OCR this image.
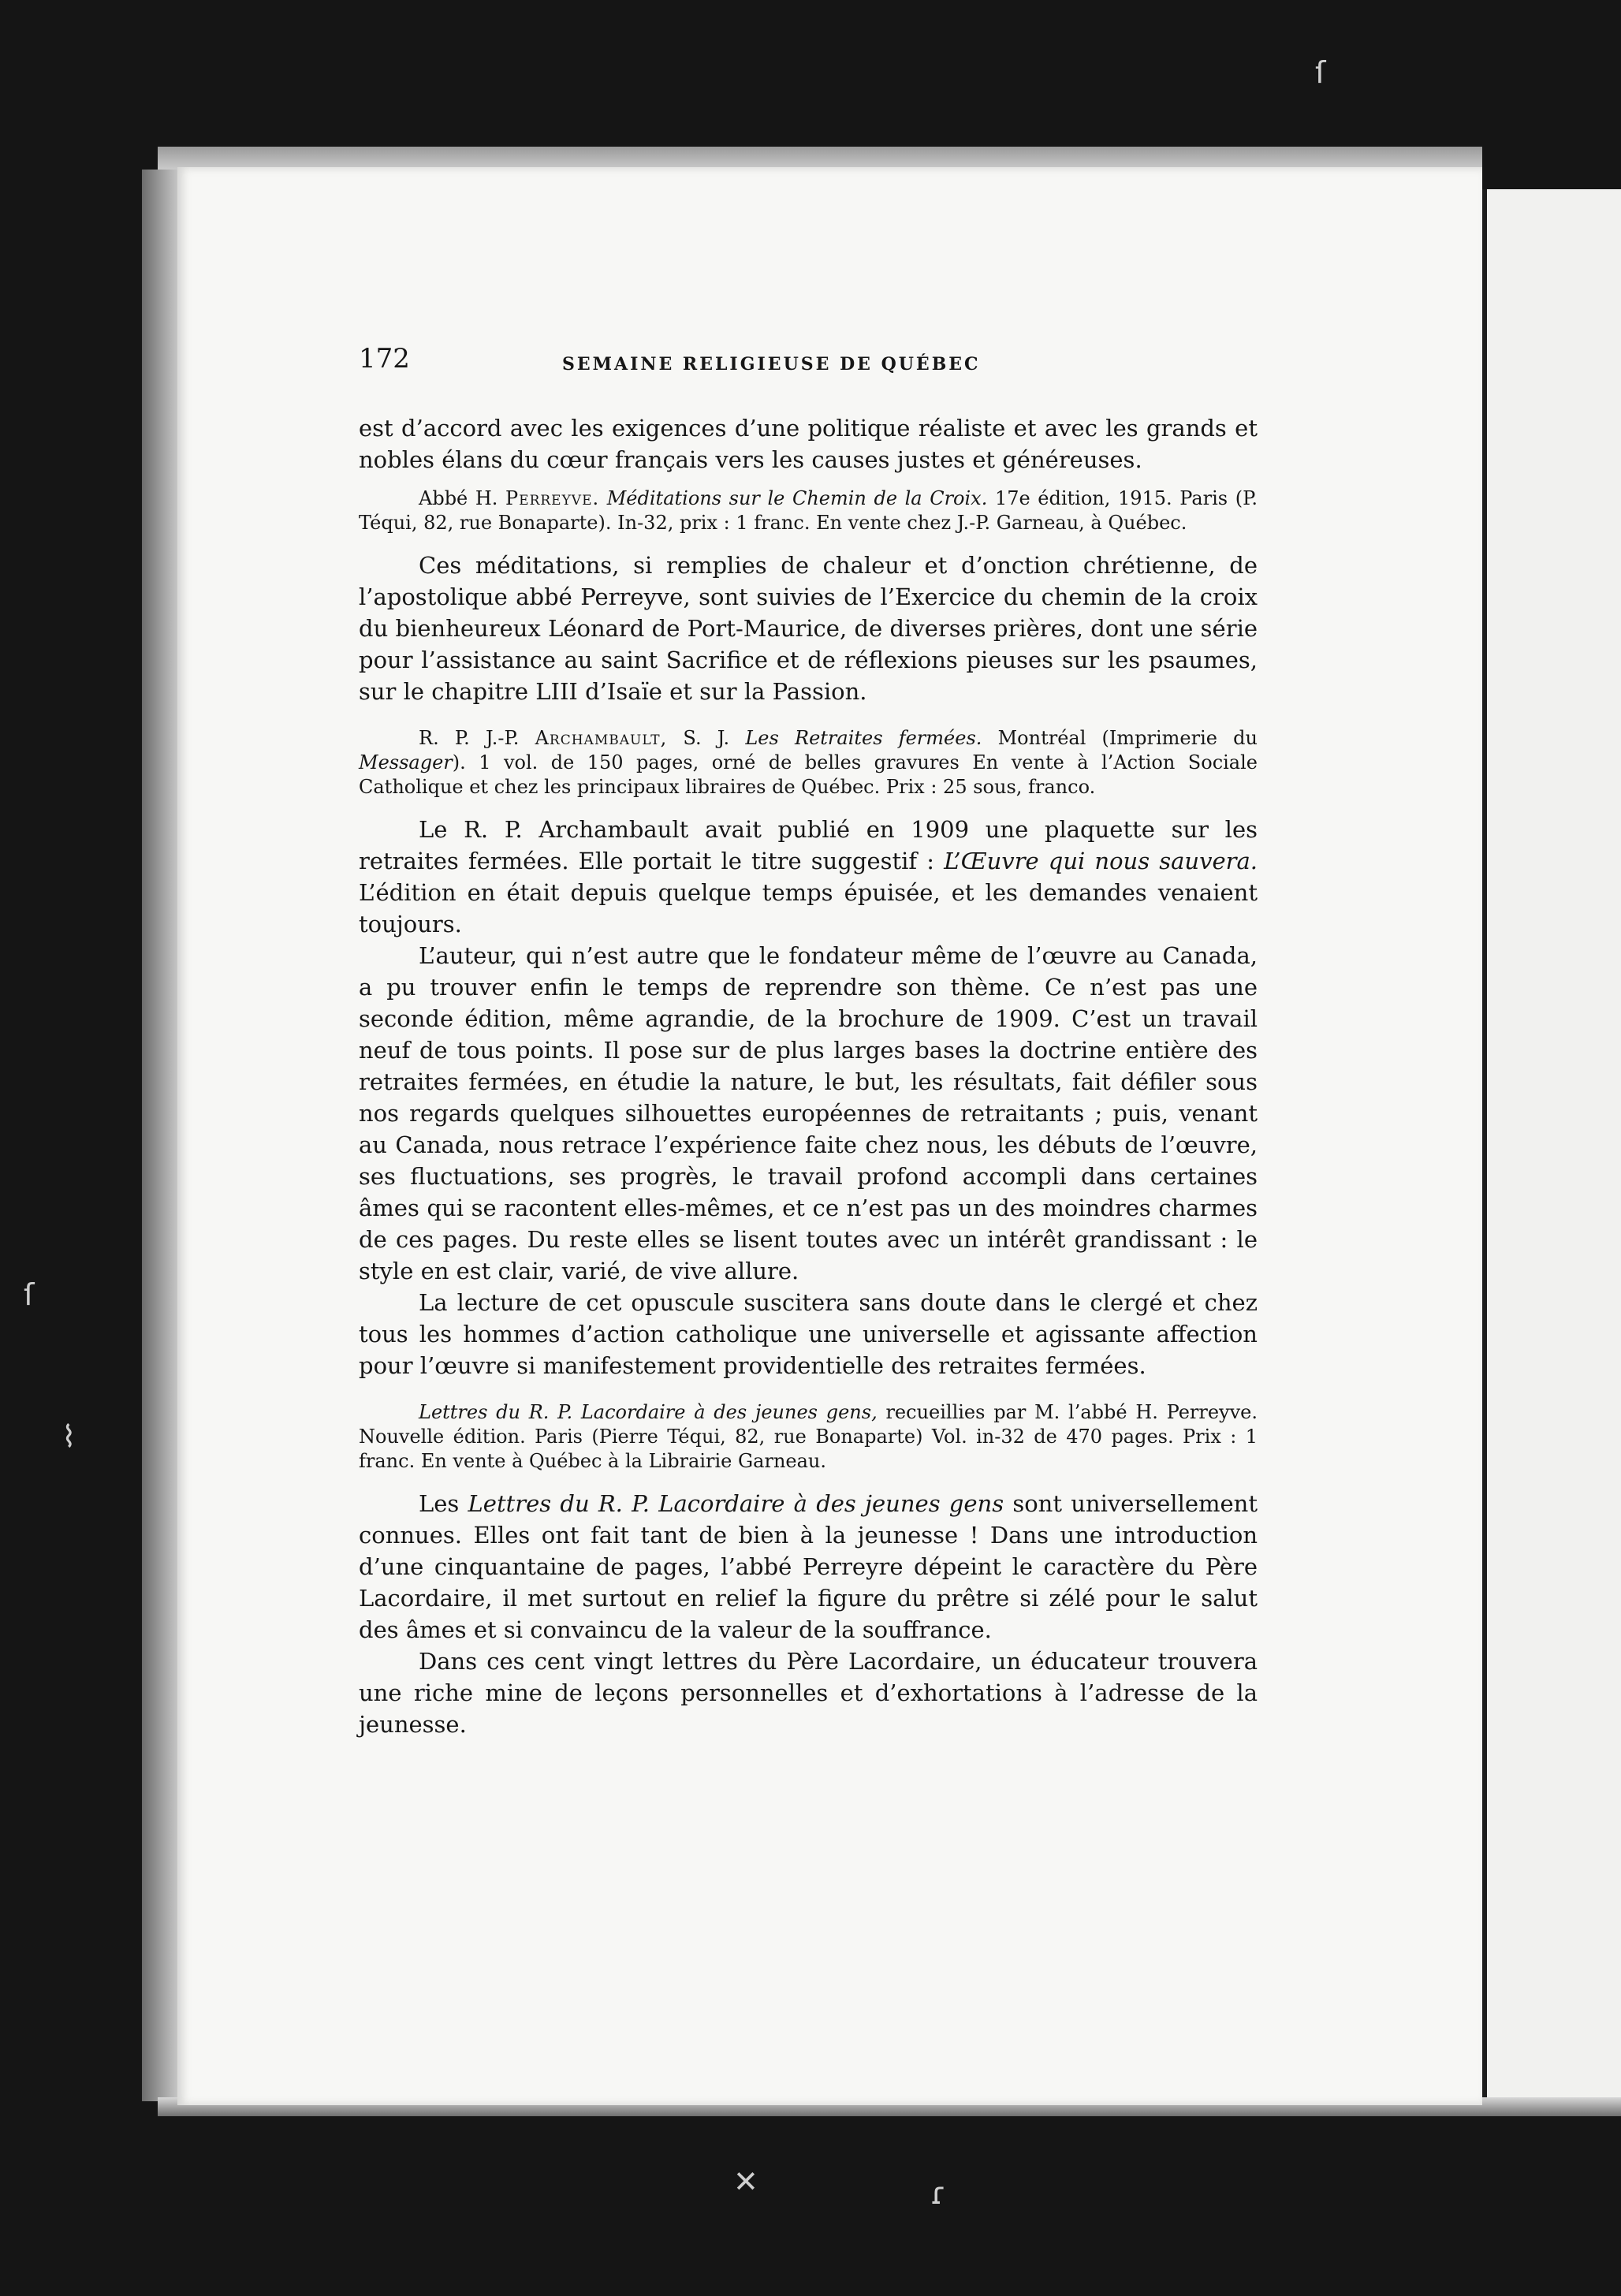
ſ
ſ
⌇
✕	ɾ
172	SEMAINE RELIGIEUSE DE QUÉBEC

est d’accord avec les exigences d’une politique réaliste et avec les grands et nobles élans du cœur français vers les causes justes et généreuses.

Abbé H. Perreyve. Méditations sur le Chemin de la Croix. 17e édition, 1915. Paris (P. Téqui, 82, rue Bonaparte). In-32, prix : 1 franc. En vente chez J.-P. Garneau, à Québec.

Ces méditations, si remplies de chaleur et d’onction chrétienne, de l’apostolique abbé Perreyve, sont suivies de l’Exercice du chemin de la croix du bienheureux Léonard de Port-Maurice, de diverses prières, dont une série pour l’assistance au saint Sacrifice et de réflexions pieuses sur les psaumes, sur le chapitre LIII d’Isaïe et sur la Passion.

R. P. J.-P. Archambault, S. J. Les Retraites fermées. Montréal (Imprimerie du Messager). 1 vol. de 150 pages, orné de belles gravures En vente à l’Action Sociale Catholique et chez les principaux libraires de Québec. Prix : 25 sous, franco.

Le R. P. Archambault avait publié en 1909 une plaquette sur les retraites fermées. Elle portait le titre suggestif : L’Œuvre qui nous sauvera. L’édition en était depuis quelque temps épuisée, et les demandes venaient toujours.

L’auteur, qui n’est autre que le fondateur même de l’œuvre au Canada, a pu trouver enfin le temps de reprendre son thème. Ce n’est pas une seconde édition, même agrandie, de la brochure de 1909. C’est un travail neuf de tous points. Il pose sur de plus larges bases la doctrine entière des retraites fermées, en étudie la nature, le but, les résultats, fait défiler sous nos regards quelques silhouettes européennes de retraitants ; puis, venant au Canada, nous retrace l’expérience faite chez nous, les débuts de l’œuvre, ses fluctuations, ses progrès, le travail profond accompli dans certaines âmes qui se racontent elles-mêmes, et ce n’est pas un des moindres charmes de ces pages. Du reste elles se lisent toutes avec un intérêt grandissant : le style en est clair, varié, de vive allure.

La lecture de cet opuscule suscitera sans doute dans le clergé et chez tous les hommes d’action catholique une universelle et agissante affection pour l’œuvre si manifestement providentielle des retraites fermées.

Lettres du R. P. Lacordaire à des jeunes gens, recueillies par M. l’abbé H. Perreyve. Nouvelle édition. Paris (Pierre Téqui, 82, rue Bonaparte) Vol. in-32 de 470 pages. Prix : 1 franc. En vente à Québec à la Librairie Garneau.

Les Lettres du R. P. Lacordaire à des jeunes gens sont universellement connues. Elles ont fait tant de bien à la jeunesse ! Dans une introduction d’une cinquantaine de pages, l’abbé Perreyre dépeint le caractère du Père Lacordaire, il met surtout en relief la figure du prêtre si zélé pour le salut des âmes et si convaincu de la valeur de la souffrance.

Dans ces cent vingt lettres du Père Lacordaire, un éducateur trouvera une riche mine de leçons personnelles et d’exhortations à l’adresse de la jeunesse.
